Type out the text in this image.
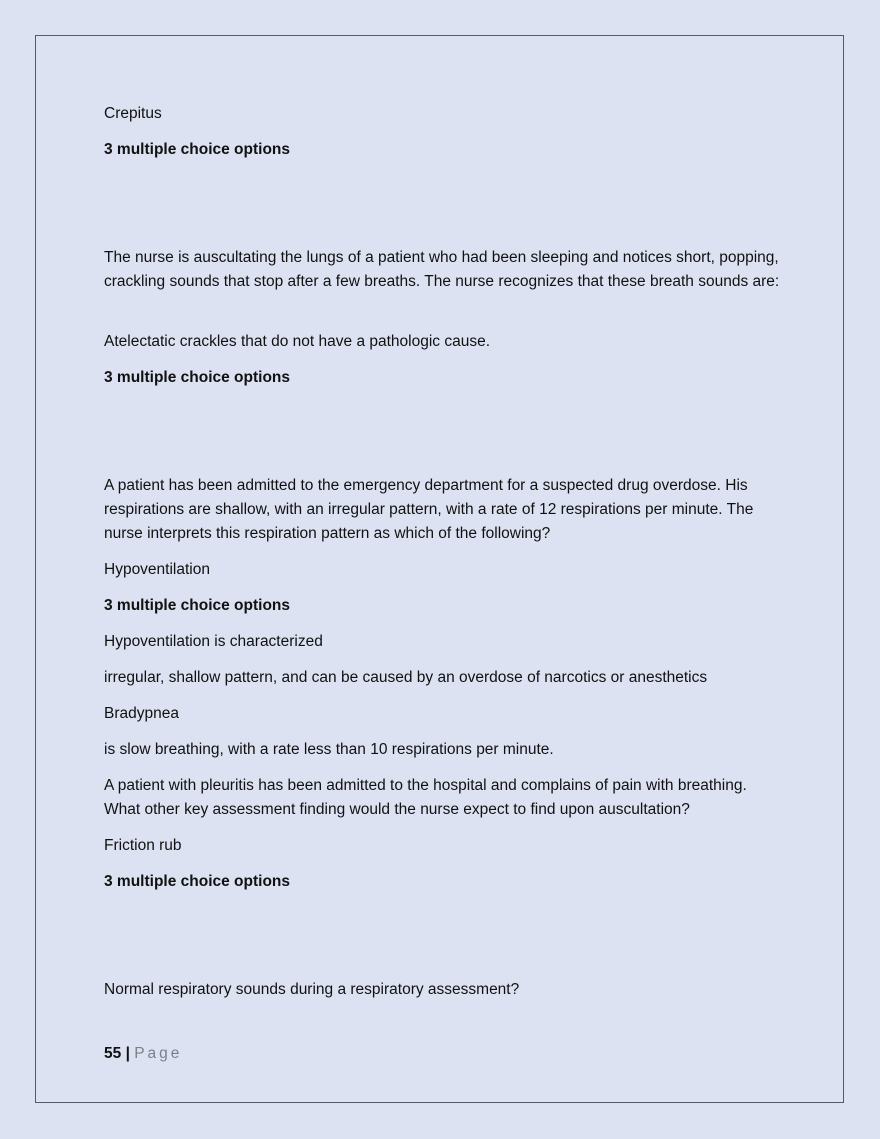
Crepitus

3 multiple choice options

The nurse is auscultating the lungs of a patient who had been sleeping and notices short, popping, crackling sounds that stop after a few breaths. The nurse recognizes that these breath sounds are:

Atelectatic crackles that do not have a pathologic cause.

3 multiple choice options

A patient has been admitted to the emergency department for a suspected drug overdose. His respirations are shallow, with an irregular pattern, with a rate of 12 respirations per minute. The nurse interprets this respiration pattern as which of the following?

Hypoventilation

3 multiple choice options

Hypoventilation is characterized

irregular, shallow pattern, and can be caused by an overdose of narcotics or anesthetics

Bradypnea

is slow breathing, with a rate less than 10 respirations per minute.

A patient with pleuritis has been admitted to the hospital and complains of pain with breathing. What other key assessment finding would the nurse expect to find upon auscultation?

Friction rub

3 multiple choice options

Normal respiratory sounds during a respiratory assessment?

55 | Page
